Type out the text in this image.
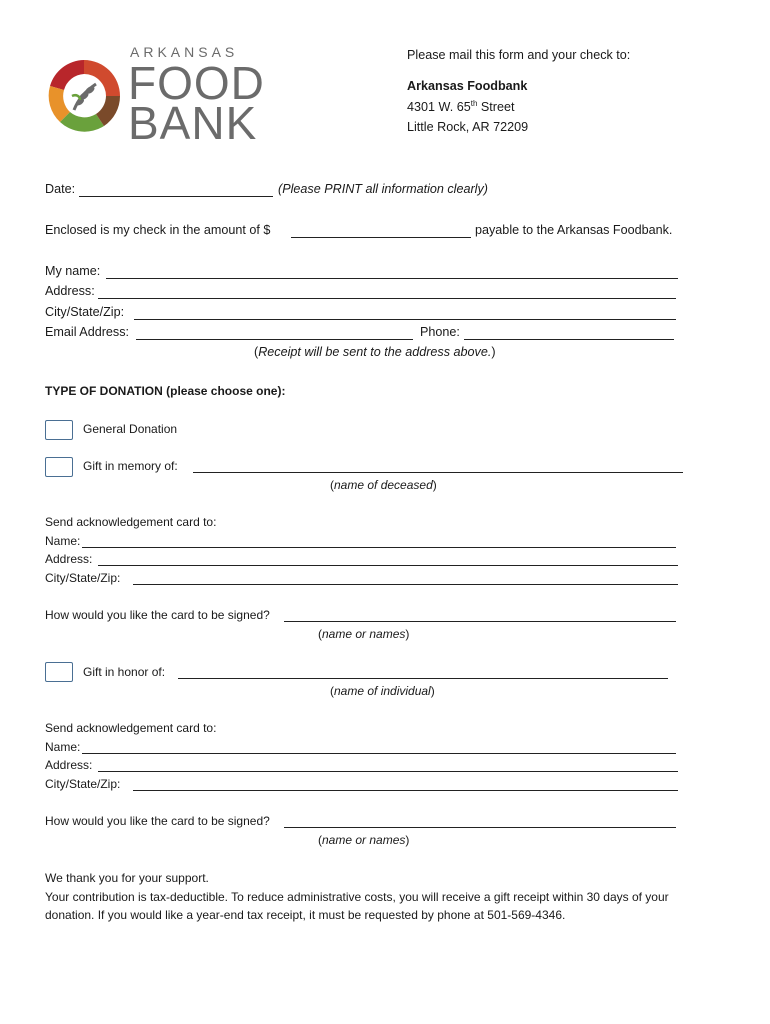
ARKANSAS
FOOD
BANK
Please mail this form and your check to:
Arkansas Foodbank
4301 W. 65th Street
Little Rock, AR 72209
Date:	(Please PRINT all information clearly)
Enclosed is my check in the amount of $	payable to the Arkansas Foodbank.
My name:
Address:
City/State/Zip:
Email Address:	Phone:
(Receipt will be sent to the address above.)
TYPE OF DONATION (please choose one):
General Donation
Gift in memory of:
(name of deceased)
Send acknowledgement card to:
Name:
Address:
City/State/Zip:
How would you like the card to be signed?
(name or names)
Gift in honor of:
(name of individual)
Send acknowledgement card to:
Name:
Address:
City/State/Zip:
How would you like the card to be signed?
(name or names)
We thank you for your support.
Your contribution is tax-deductible. To reduce administrative costs, you will receive a gift receipt within 30 days of your
donation. If you would like a year-end tax receipt, it must be requested by phone at 501-569-4346.
